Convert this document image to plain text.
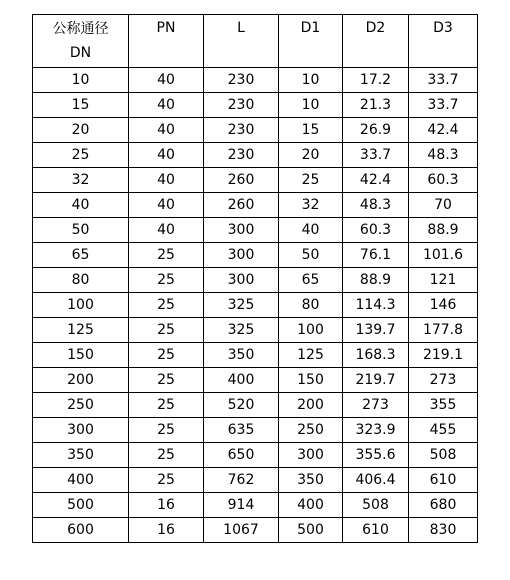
公称通径
DN	PN	L	D1	D2	D3

10	40	230	10	17.2	33.7
15	40	230	10	21.3	33.7
20	40	230	15	26.9	42.4
25	40	230	20	33.7	48.3
32	40	260	25	42.4	60.3
40	40	260	32	48.3	70
50	40	300	40	60.3	88.9
65	25	300	50	76.1	101.6
80	25	300	65	88.9	121
100	25	325	80	114.3	146
125	25	325	100	139.7	177.8
150	25	350	125	168.3	219.1
200	25	400	150	219.7	273
250	25	520	200	273	355
300	25	635	250	323.9	455
350	25	650	300	355.6	508
400	25	762	350	406.4	610
500	16	914	400	508	680
600	16	1067	500	610	830
